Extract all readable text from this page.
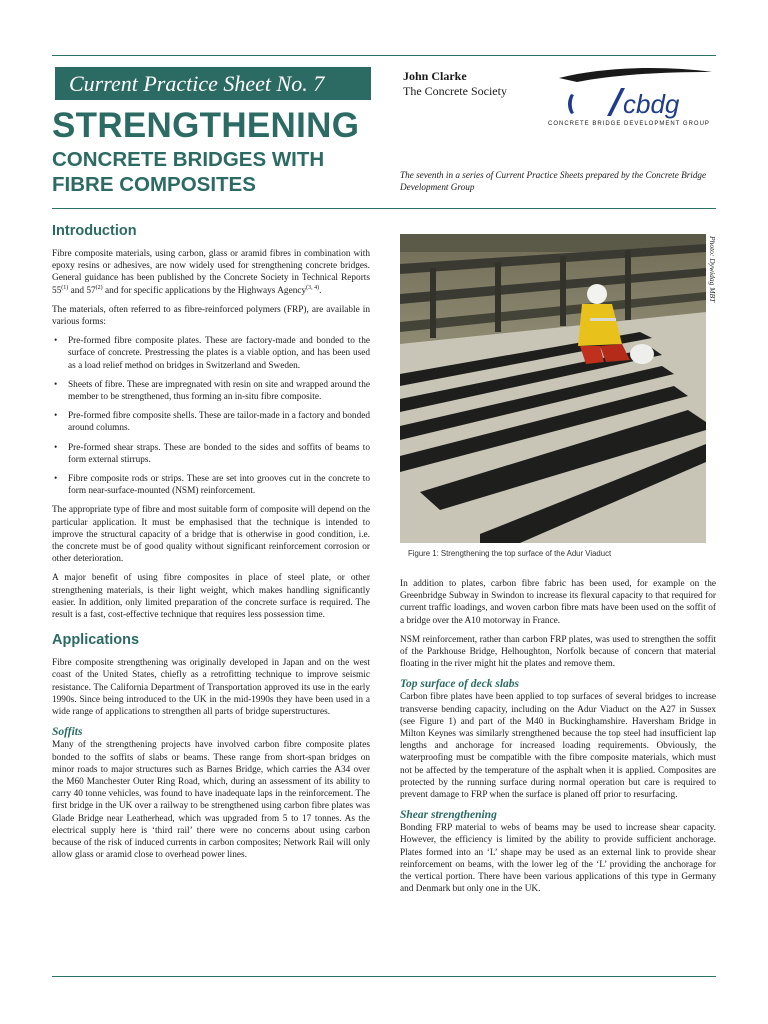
Current Practice Sheet No. 7
STRENGTHENING
CONCRETE BRIDGES WITH
FIBRE COMPOSITES
John Clarke
The Concrete Society	cbdg
CONCRETE BRIDGE DEVELOPMENT GROUP
The seventh in a series of Current Practice Sheets prepared by the Concrete Bridge Development Group
Introduction

Fibre composite materials, using carbon, glass or aramid fibres in combination with epoxy resins or adhesives, are now widely used for strengthening concrete bridges. General guidance has been published by the Concrete Society in Technical Reports 55$^{(1)}$ and 57$^{(2)}$ and for specific applications by the Highways Agency$^{(3, 4)}$.

The materials, often referred to as fibre-reinforced polymers (FRP), are available in various forms:

• Pre-formed fibre composite plates. These are factory-made and bonded to the surface of concrete. Prestressing the plates is a viable option, and has been used as a load relief method on bridges in Switzerland and Sweden.
• Sheets of fibre. These are impregnated with resin on site and wrapped around the member to be strengthened, thus forming an in-situ fibre composite.
• Pre-formed fibre composite shells. These are tailor-made in a factory and bonded around columns.
• Pre-formed shear straps. These are bonded to the sides and soffits of beams to form external stirrups.
• Fibre composite rods or strips. These are set into grooves cut in the concrete to form near-surface-mounted (NSM) reinforcement.

The appropriate type of fibre and most suitable form of composite will depend on the particular application. It must be emphasised that the technique is intended to improve the structural capacity of a bridge that is otherwise in good condition, i.e. the concrete must be of good quality without significant reinforcement corrosion or other deterioration.

A major benefit of using fibre composites in place of steel plate, or other strengthening materials, is their light weight, which makes handling significantly easier. In addition, only limited preparation of the concrete surface is required. The result is a fast, cost-effective technique that requires less possession time.

Applications

Fibre composite strengthening was originally developed in Japan and on the west coast of the United States, chiefly as a retrofitting technique to improve seismic resistance. The California Department of Transportation approved its use in the early 1990s. Since being introduced to the UK in the mid-1990s they have been used in a wide range of applications to strengthen all parts of bridge superstructures.

Soffits

Many of the strengthening projects have involved carbon fibre composite plates bonded to the soffits of slabs or beams. These range from short-span bridges on minor roads to major structures such as Barnes Bridge, which carries the A34 over the M60 Manchester Outer Ring Road, which, during an assessment of its ability to carry 40 tonne vehicles, was found to have inadequate laps in the reinforcement. The first bridge in the UK over a railway to be strengthened using carbon fibre plates was Glade Bridge near Leatherhead, which was upgraded from 5 to 17 tonnes. As the electrical supply here is ‘third rail’ there were no concerns about using carbon because of the risk of induced currents in carbon composites; Network Rail will only allow glass or aramid close to overhead power lines.

Photo: Dywidag MBT
Figure 1: Strengthening the top surface of the Adur Viaduct

In addition to plates, carbon fibre fabric has been used, for example on the Greenbridge Subway in Swindon to increase its flexural capacity to that required for current traffic loadings, and woven carbon fibre mats have been used on the soffit of a bridge over the A10 motorway in France.

NSM reinforcement, rather than carbon FRP plates, was used to strengthen the soffit of the Parkhouse Bridge, Helhoughton, Norfolk because of concern that material floating in the river might hit the plates and remove them.

Top surface of deck slabs

Carbon fibre plates have been applied to top surfaces of several bridges to increase transverse bending capacity, including on the Adur Viaduct on the A27 in Sussex (see Figure 1) and part of the M40 in Buckinghamshire. Haversham Bridge in Milton Keynes was similarly strengthened because the top steel had insufficient lap lengths and anchorage for increased loading requirements. Obviously, the waterproofing must be compatible with the fibre composite materials, which must not be affected by the temperature of the asphalt when it is applied. Composites are protected by the running surface during normal operation but care is required to prevent damage to FRP when the surface is planed off prior to resurfacing.

Shear strengthening

Bonding FRP material to webs of beams may be used to increase shear capacity. However, the efficiency is limited by the ability to provide sufficient anchorage. Plates formed into an ‘L’ shape may be used as an external link to provide shear reinforcement on beams, with the lower leg of the ‘L’ providing the anchorage for the vertical portion. There have been various applications of this type in Germany and Denmark but only one in the UK.
